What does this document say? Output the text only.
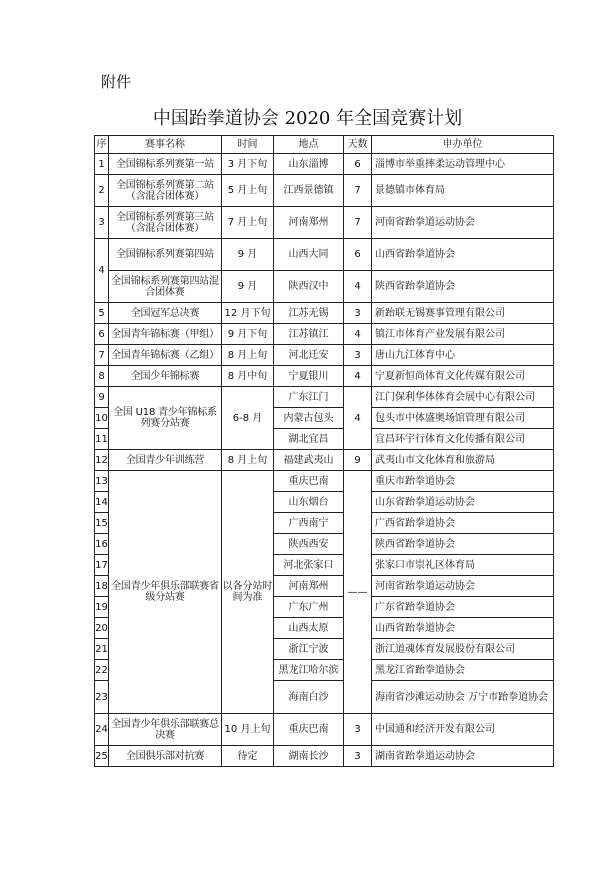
附件
中国跆拳道协会 2020 年全国竞赛计划
序	赛事名称	时间	地点	天数	申办单位
1	全国锦标系列赛第一站	3 月下旬	山东淄博	6	淄博市举重摔柔运动管理中心
2	全国锦标系列赛第二站（含混合团体赛）	5 月上旬	江西景德镇	7	景德镇市体育局
3	全国锦标系列赛第三站（含混合团体赛）	7 月上旬	河南郑州	7	河南省跆拳道运动协会
4	全国锦标系列赛第四站	9 月	山西大同	6	山西省跆拳道协会
	全国锦标系列赛第四站混合团体赛	9 月	陕西汉中	4	陕西省跆拳道协会
5	全国冠军总决赛	12 月下旬	江苏无锡	3	新跆联无锡赛事管理有限公司
6	全国青年锦标赛（甲组）	9 月下旬	江苏镇江	4	镇江市体育产业发展有限公司
7	全国青年锦标赛（乙组）	8 月上旬	河北迁安	3	唐山九江体育中心
8	全国少年锦标赛	8 月中旬	宁夏银川	4	宁夏新恒尚体育文化传媒有限公司
9	全国 U18 青少年锦标系列赛分站赛	6-8 月	广东江门	4	江门保利华体体育会展中心有限公司
10			内蒙古包头		包头市中体盛奥场馆管理有限公司
11			湖北宜昌		宜昌环宇行体育文化传播有限公司
12	全国青少年训练营	8 月上旬	福建武夷山	9	武夷山市文化体育和旅游局
13	全国青少年俱乐部联赛省级分站赛	以各分站时间为准	重庆巴南	——	重庆市跆拳道协会
14			山东烟台		山东省跆拳道运动协会
15			广西南宁		广西省跆拳道协会
16			陕西西安		陕西省跆拳道协会
17			河北张家口		张家口市崇礼区体育局
18			河南郑州		河南省跆拳道运动协会
19			广东广州		广东省跆拳道协会
20			山西太原		山西省跆拳道协会
21			浙江宁波		浙江道魂体育发展股份有限公司
22			黑龙江哈尔滨		黑龙江省跆拳道协会
23			海南白沙		海南省沙滩运动协会 万宁市跆拳道协会
24	全国青少年俱乐部联赛总决赛	10 月上旬	重庆巴南	3	中国通和经济开发有限公司
25	全国俱乐部对抗赛	待定	湖南长沙	3	湖南省跆拳道运动协会
